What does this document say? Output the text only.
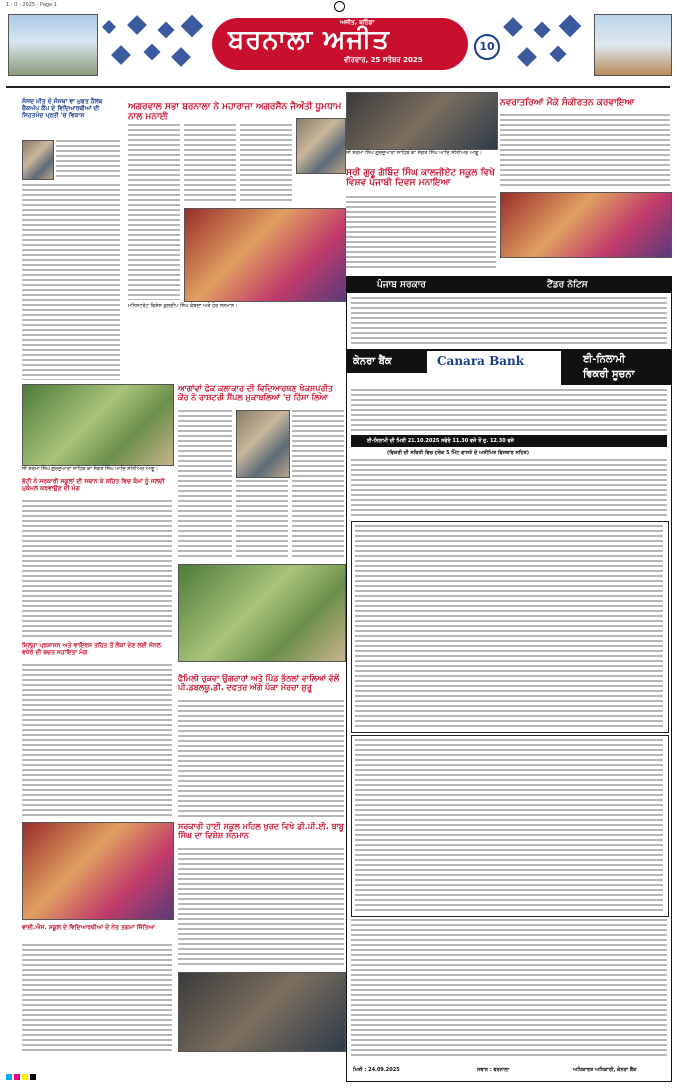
1 - 0 - 2025 - Page 1
ਅਜੀਤ, ਬਠਿੰਡਾ
ਬਰਨਾਲਾ ਅਜੀਤ
ਵੀਰਵਾਰ, 25 ਸਤੰਬਰ 2025
10
ਸੰਸਦ ਮੀਤ ਦੇ ਸੰਸਥਾ ਵਾ ਮੁਫਤ ਹੈਲਥ ਚੈਕਅੱਪ ਕੈਂਪ ਦੇ ਵਿਦਿਆਰਥੀਆਂ ਦੀ ਸਿਹਤਮੰਦ ਪ੍ਰਤੀ 'ਚ ਵਿਕਾਸ
ਅਗਰਵਾਲ ਸਭਾ ਬਰਨਾਲਾ ਨੇ ਮਹਾਰਾਜਾ ਅਗਰਸੈਨ ਜੈਅੰਤੀ ਧੂਮਧਾਮ ਨਾਲ ਮਨਾਈ
ਮਨਿਸ਼ਟਰੇਟ ਵਿਸ਼ੇਸ ਕੁਲਦੀਪ ਸਿੰਘ ਕੰਬਦਾ ਅਤੇ ਹੋਰ ਸਨਮਾਨ।
ਸੀ ਸ਼ਰਮਾ ਸਿੰਘ ਗੁਰਦੁਆਰਾ ਸਾਹਿਬ ਕਾ ਸੰਗਤ ਸਿੰਘ ਆਦਿ ਸੀਨੀਅਰ ਆਗੂ।
ਸ੍ਰੀ ਗੁਰੂ ਗੋਬਿੰਦ ਸਿੰਘ ਕਾਲਜੀਏਟ ਸਕੂਲ ਵਿਖੇ ਵਿਸ਼ਵ ਪੰਜਾਬੀ ਦਿਵਸ ਮਨਾਇਆ
ਨਵਰਾਤਰਿਆਂ ਮੌਕੇ ਸੰਕੀਰਤਨ ਕਰਵਾਇਆ

ਪੰਜਾਬ ਸਰਕਾਰ	ਟੈਂਡਰ ਨੋਟਿਸ
ਕੇਨਰਾ ਬੈਂਕ	Canara Bank	ਈ-ਨਿਲਾਮੀ
ਵਿਕਰੀ ਸੂਚਨਾ
ਈ-ਨਿਲਾਮੀ ਦੀ ਮਿਤੀ 21.10.2025 ਸਵੇਰੇ 11.30 ਵਜੇ ਤੋਂ ਦੁ. 12.30 ਵਜੇ
(ਵਿਕਰੀ ਦੀ ਸਥਿਤੀ ਵਿਚ ਹਰੇਕ 5 ਮਿੰਟ ਵਾਸਤੇ ਦੇ ਅਸੀਮਿਤ ਵਿਸਥਾਰ ਸਹਿਤ)
ਮਿਤੀ : 24.09.2025	ਸਥਾਨ : ਬਰਨਾਲਾ	ਅਧਿਕਾਰਤ ਅਧਿਕਾਰੀ, ਕੇਨਰਾ ਬੈਂਕ
ਸੀ ਸ਼ਰਮਾ ਸਿੰਘ ਗੁਰਦੁਆਰਾ ਸਾਹਿਬ ਕਾ ਸੰਗਤ ਸਿੰਘ ਆਦਿ ਸੀਨੀਅਰ ਆਗੂ।
ਭੱਟੀ ਨੇ ਸਰਕਾਰੀ ਸਕੂਲਾਂ ਦੀ ਸਥਾਨ ਕੇ ਸਹਿਤ ਵਿਚ ਕੰਮਾਂ ਨੂੰ ਜਲਦੀ ਮੁਕੰਮਲ ਕਰਵਾਉਣ ਦੀ ਮੰਗ
ਜ਼ਿਲ੍ਹਾ ਪ੍ਰਸ਼ਾਸਨ ਅਤੇ ਵਾਇਰਸ ਤਹਿਤ ਤੋਂ ਲੋਕਾਂ ਦੇਣ ਲਈ ਜੋਨਲ ਵਧੇਰੇ ਦੀ ਬਚਤ ਸਹਾਇਤਾ ਮੰਗ
ਆਗਾਂਵਾਂ ਫੋਕ ਕਲਾਕਾਰ ਦੀ ਵਿਦਿਆਰਥਣ ਖੋਕਸਪ੍ਰੀਤ ਕੌਰ ਨੇ ਰਾਸ਼ਟਰੀ ਸੈਂਪਲ ਮੁਕਾਬਲਿਆਂ 'ਚ ਹਿੱਸਾ ਲਿਆ

ਫੈਮਿਲੀ ਰੁਕਵਾ ਉਗਰਾਹਾਂ ਅਤੇ ਪਿੰਡ ਭੱਠਲਾਂ ਵਾਲਿਆਂ ਵੱਲੋਂ ਪੀ.ਡਬਲਯੂ.ਡੀ. ਦਫਤਰ ਅੱਗੇ ਪੱਕਾ ਮੋਰਚਾ ਸ਼ੁਰੂ
ਵਾਈ.ਐਸ. ਸਕੂਲ ਦੇ ਵਿਦਿਆਰਥੀਆਂ ਦੇ ਨੇਤ ਤਗਮਾ ਜਿੱਤਿਆ
ਸਰਕਾਰੀ ਹਾਈ ਸਕੂਲ ਮਹਿਲ ਖੁਰਦ ਵਿਖੇ ਡੀ.ਪੀ.ਈ. ਬਾਬੂ ਸਿੰਘ ਦਾ ਵਿਸ਼ੇਸ਼ ਸਨਮਾਨ
